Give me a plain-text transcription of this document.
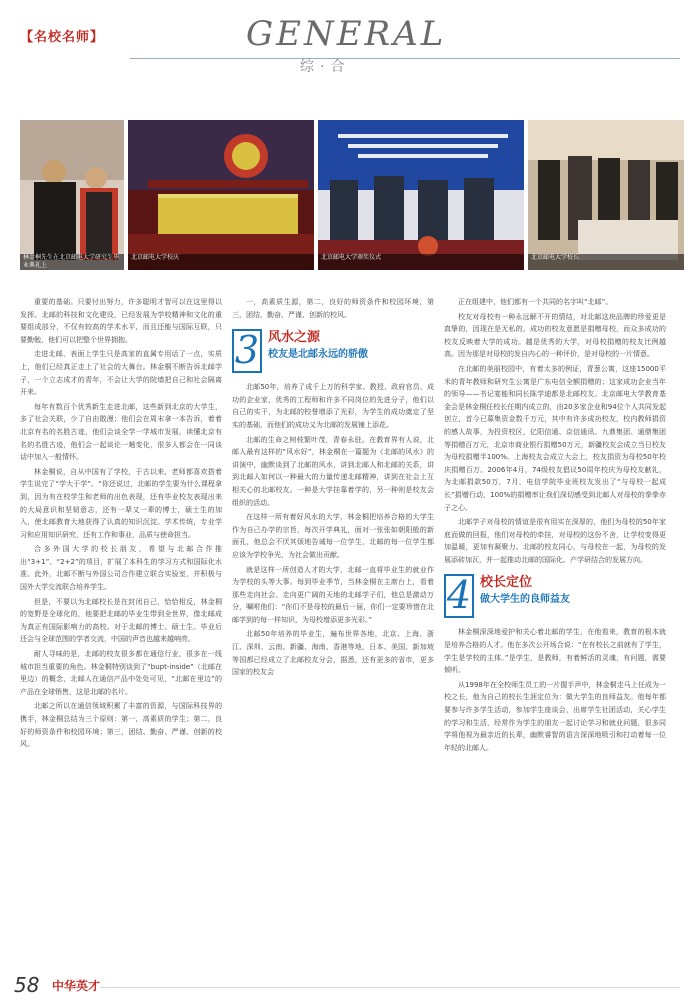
【名校名师】	GENERAL
综·合
林金桐先生在北京邮电大学研究生毕业典礼上
北京邮电大学校庆	北京邮电大学颁奖仪式	北京邮电大学校长

重要的基础。只要付出努力，许多聪明才智可以在这里得以发挥。北邮的科技和文化建设，已经发展为学校精神和文化的重要组成部分，不仅有较高的学术水平，而且还能与国际互联，只要勤勉，他们可以把整个世界拥抱。

走进北邮，表面上学生只是高家的直属专用话了一点，实质上，他们已经真正走上了社会的大舞台。林金桐不断告诉北邮学子，一个立志成才的青年，不会让大学的院墙把自己和社会隔离开来。

每年有数百个优秀新生走进北邮，这些新到北京的大学生，多了社会关联，少了自由散漫；他们会在周末拿一本告诉，着着北京有名的名胜古迹，他们会谈全学一学城市发展，读懂北京有名的名胜古迹，他们会一起谈论一趟变化，很多人都会在一同谈话中加入一般情怀。

林金桐说，自从中国有了学校，于古以来，老师都喜欢搭着学生说完了“学大于学”。“你还说过，北邮的学生要为什么课程拿到，因为有在校学生和老师的出色表现，还有毕业校友表现出来的大局意识和坚韧意志，还有一辈又一辈的博士，硕士生的加入，使北邮教育大地获得了认真的知识沉淀。学术传统，专业学习和应用知识研究，还有工作和事业，品质与使命担当。

合多外国大学的校长朋友，希望与北邮合作推出“3+1”、“2+2”的项目，扩展了本科生的学习方式和国际化水准。此外，北邮不断与外国公司合作建立联合实验室，并积极与国外大学交流联合培养学生。

但是，不要以为北邮校长是在封闭自己，恰恰相反，林金桐的宽野是全球化的，他要把北邮的毕业生带到全世界，像北邮成为真正有国际影响力的高校。对于北邮的博士、硕士生、毕业后还会与全球范围的学者交流，中国的声音也越来越响亮。

耐人寻味的是，北邮的校友很多都在通信行业，很多在一线城市担当重要的角色。林金桐特别谈到了“bupt-inside”（北邮在里边）的概念，北邮人在通信产品中处处可见，“北邮在里边”的产品在全球销售，这是北邮的名片。

北邮之所以在通信领域积累了丰富的资源，与国际科技界的携手，林金桐总结为三个原则：第一，高素质的学生；第二，良好的师资条件和校园环境；第三，团结、勤奋、严谨、创新的校风。

一，高素质生源，第二，良好的师资条件和校园环境，第三，团结、勤奋、严谨、创新的校风。

3 风水之源
校友是北邮永远的骄傲

北邮50年，培养了成千上万的科学家、教授、政府官员、成功的企业家，优秀的工程师和许多不同岗位的先进分子，他们以自己的实干，为北邮的校誉增添了光彩，为学生的成功奠定了坚实的基础，而他们的成功又为北邮的发展铺上添花。

北邮的生命之树枝繁叶茂，青春永驻。在教育界有人说，北邮人最有这样的“风水好”，林金桐在一篇题为《北邮的风水》的讲演中，幽默谈到了北邮的风水，讲到北邮人和北邮的关系，讲到北邮人如何以一种最大的力量传递北邮精神，讲到在社会上互相关心的北邮校友。一种是大学挂靠着学的，另一种则是校友会组织的活动。

在这样一所有着好风水的大学，林金桐把培养合格的大学生作为自己办学的宗旨，每次开学典礼，面对一张张如朝阳般的新面孔，他总会不厌其烦地告诫每一位学生，北邮的每一位学生都应该为学校争光，为社会做出贡献。

就是这样一所创造人才的大学，北邮一直将毕业生的就业作为学校的头等大事。每到毕业季节，当林金桐在主席台上，看着那些走向社会、走向更广阔的天地的北邮学子们，他总是激动万分，嘱咐他们：“你们不是母校的最后一届，你们一定要珍惜在北邮学到的每一样知识，为母校增添更多光彩。”

北邮50年培养的毕业生，遍布世界各地，北京、上海、浙江、深圳、云南、新疆、海南、香港等地，日本、美国、新加坡等国都已经成立了北邮校友分会，据悉，还有更多的省市，更多国家的校友会

正在组建中，他们都有一个共同的名字叫“北邮”。

校友对母校有一种永远解不开的情结，对北邮这块品牌的珍爱更是真挚的，因现在是无私的。成功的校友意愿是捐赠母校，而众多成功的校友反映着大学的成功。越是优秀的大学，对母校捐赠的校友比例越高。因为那是对母校的发自内心的一种评价，是对母校的一片情意。

在北邮的美丽校园中，有着太多的例证，青葱公寓，这座15000平米的青年教师和研究生公寓是广东电信全额捐赠的；这家成功企业当年的领导——书记宴能和同长陈学迪都是北邮校友。北京邮电大学教育基金会是林金桐任校长任期内成立的，由20多家企业和94位个人共同发起创立，首今已募集资金数千万元，其中有许多成功校友，校内教师捐资的感人故事，为投资校区，亿阳信通、京信通讯、九鼎集团、通鼎集团等捐赠百万元，北京市商业银行捐赠50万元，新疆校友会成立当日校友为母校捐赠半100%。上海校友会成立大会上，校友捐资为母校50年校庆捐赠百万。2006年4月，74级校友倡议50周年校庆为母校友献礼，为北邮捐款50万，7月，电信学院毕业班校友发出了“与母校一起成长”捐赠行动，100%的捐赠率让我们深切感受到北邮人对母校的拳拳赤子之心。

北邮学子对母校的情谊是很有用实在深厚的，他们为母校的50年家底而做的回报，他们对母校的牵挂，对母校的这份不舍，让学校变得更加温暖，更加有凝聚力。北邮的校友同心，与母校在一起，为母校的发展添砖加瓦，并一起推动北邮的国际化、产学研结合的发展方向。

4 校长定位
做大学生的良师益友

林金桐深深地爱护和关心着北邮的学生，在他看来，教育的根本就是培养合格的人才。他在多次公开场合说：“在有校长之前就有了学生，学生是学校的主体。”是学生，是教师，有着鲜活的灵魂，有问题，需要倾听。

从1998年在全校师生员工的一片握手声中，林金桐走马上任成为一校之长，他为自己的校长生涯定位为：做大学生的良师益友。他每年都要参与许多学生活动，参加学生座谈会，出席学生社团活动，关心学生的学习和生活，经常作为学生的朋友一起讨论学习和就业问题，很多同学将他视为最亲近的长辈，幽默睿智的语言深深地吸引和打动着每一位年轻的北邮人。

58 中华英才
